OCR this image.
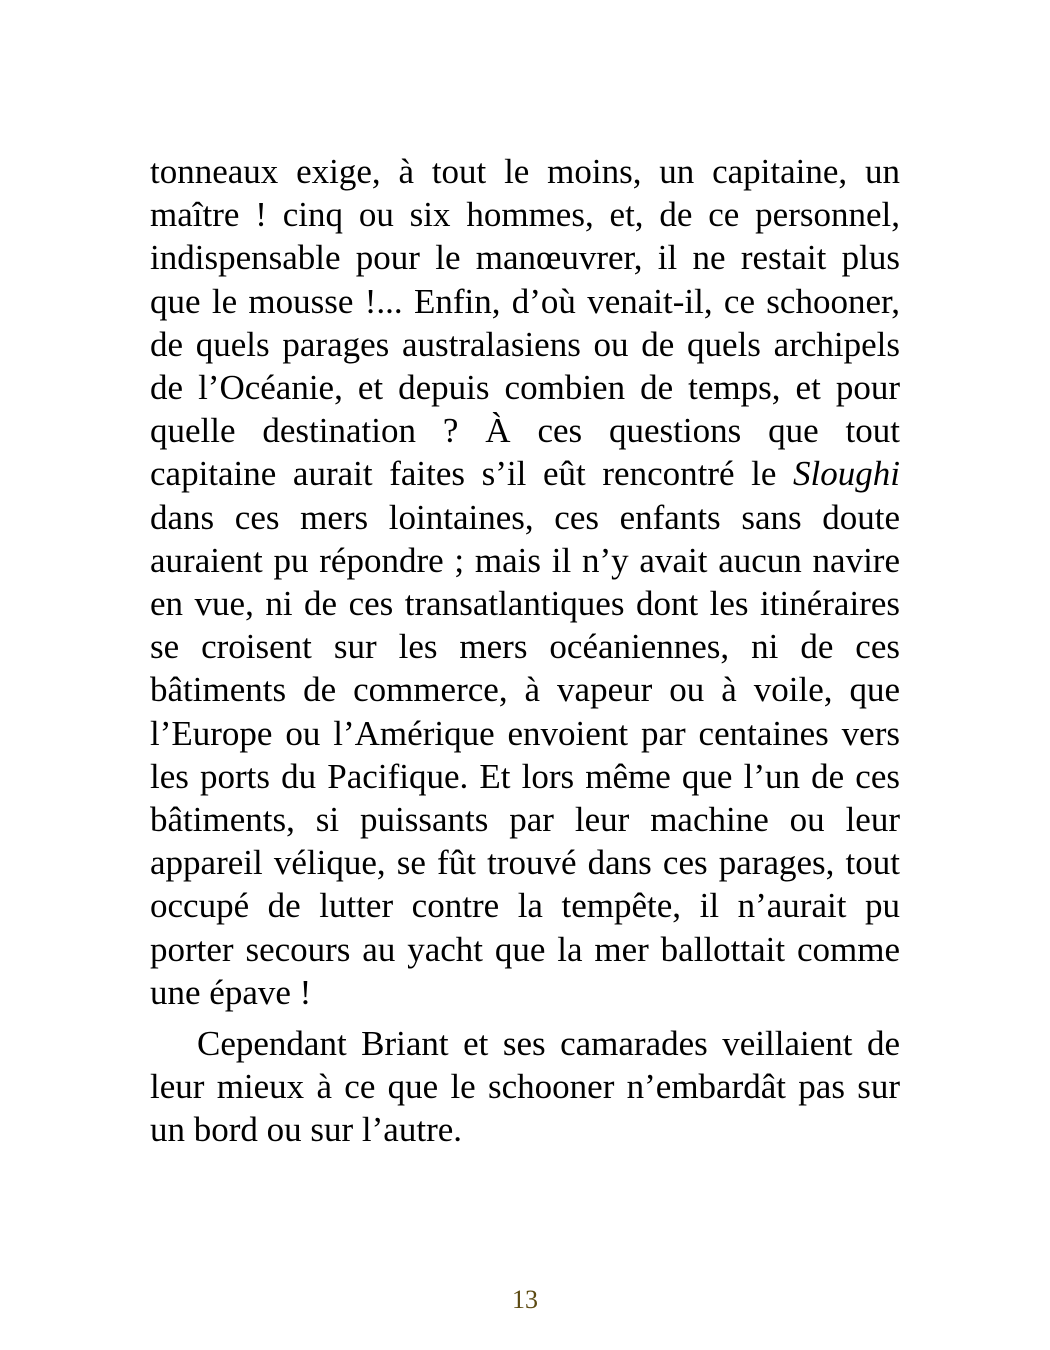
tonneaux exige, à tout le moins, un capitaine, un maître ! cinq ou six hommes, et, de ce personnel, indispensable pour le manœuvrer, il ne restait plus que le mousse !... Enfin, d’où venait-il, ce schooner, de quels parages australasiens ou de quels archipels de l’Océanie, et depuis combien de temps, et pour quelle destination ? À ces questions que tout capitaine aurait faites s’il eût rencontré le Sloughi dans ces mers lointaines, ces enfants sans doute auraient pu répondre ; mais il n’y avait aucun navire en vue, ni de ces transatlantiques dont les itinéraires se croisent sur les mers océaniennes, ni de ces bâtiments de commerce, à vapeur ou à voile, que l’Europe ou l’Amérique envoient par centaines vers les ports du Pacifique. Et lors même que l’un de ces bâtiments, si puissants par leur machine ou leur appareil vélique, se fût trouvé dans ces parages, tout occupé de lutter contre la tempête, il n’aurait pu porter secours au yacht que la mer ballottait comme une épave !

Cependant Briant et ses camarades veillaient de leur mieux à ce que le schooner n’embardât pas sur un bord ou sur l’autre.

13
